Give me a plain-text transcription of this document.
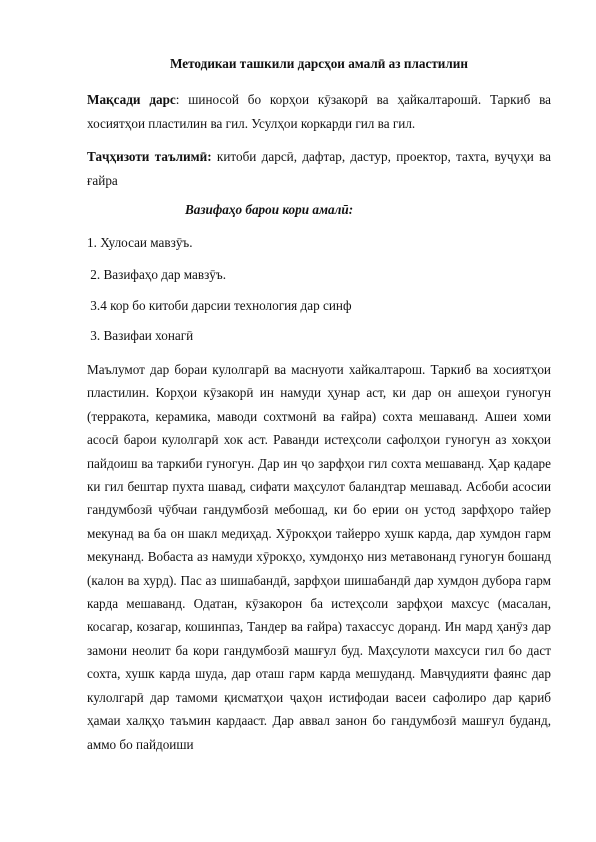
Методикаи ташкили дарсҳои амалӣ аз пластилин
Мақсади дарс: шиносой бо корҳои кӯзакорӣ ва ҳайкалтарошӣ. Таркиб ва хосиятҳои пластилин ва гил. Усулҳои коркарди гил ва гил.
Таҷҳизоти таълимӣ: китоби дарсӣ, дафтар, дастур, проектор, тахта, вуҷуҳи ва ғайра
Вазифаҳо барои кори амалӣ:
1. Хулосаи мавзӯъ.
2. Вазифаҳо дар мавзӯъ.
3.4 кор бо китоби дарсии технология дар синф
3. Вазифаи хонагӣ
Маълумот дар бораи кулолгарӣ ва маснуоти хайкалтарош. Таркиб ва хосиятҳои пластилин. Корҳои кӯзакорӣ ин намуди ҳунар аст, ки дар он ашеҳои гуногун (терракота, керамика, маводи сохтмонӣ ва ғайра) сохта мешаванд. Ашеи хоми асосӣ барои кулолгарӣ хок аст. Раванди истеҳсоли сафолҳои гуногун аз хокҳои пайдоиш ва таркиби гуногун. Дар ин ҷо зарфҳои гил сохта мешаванд. Ҳар қадаре ки гил бештар пухта шавад, сифати маҳсулот баландтар мешавад. Асбоби асосии гандумбозӣ чӯбчаи гандумбозӣ мебошад, ки бо ерии он устод зарфҳоро тайер мекунад ва ба он шакл медиҳад. Хӯрокҳои тайерро хушк карда, дар хумдон гарм мекунанд. Вобаста аз намуди хӯрокҳо, хумдонҳо низ метавонанд гуногун бошанд (калон ва хурд). Пас аз шишабандӣ, зарфҳои шишабандӣ дар хумдон дубора гарм карда мешаванд. Одатан, кӯзакорон ба истеҳсоли зарфҳои махсус (масалан, косагар, козагар, кошинпаз, Тандер ва ғайра) тахассус доранд. Ин мард ҳанӯз дар замони неолит ба кори гандумбозӣ машғул буд. Маҳсулоти махсуси гил бо даст сохта, хушк карда шуда, дар оташ гарм карда мешуданд. Мавҷудияти фаянс дар кулолгарӣ дар тамоми қисматҳои ҷаҳон истифодаи васеи сафолиро дар қариб ҳамаи халқҳо таъмин кардааст. Дар аввал занон бо гандумбозӣ машғул буданд, аммо бо пайдоиши
